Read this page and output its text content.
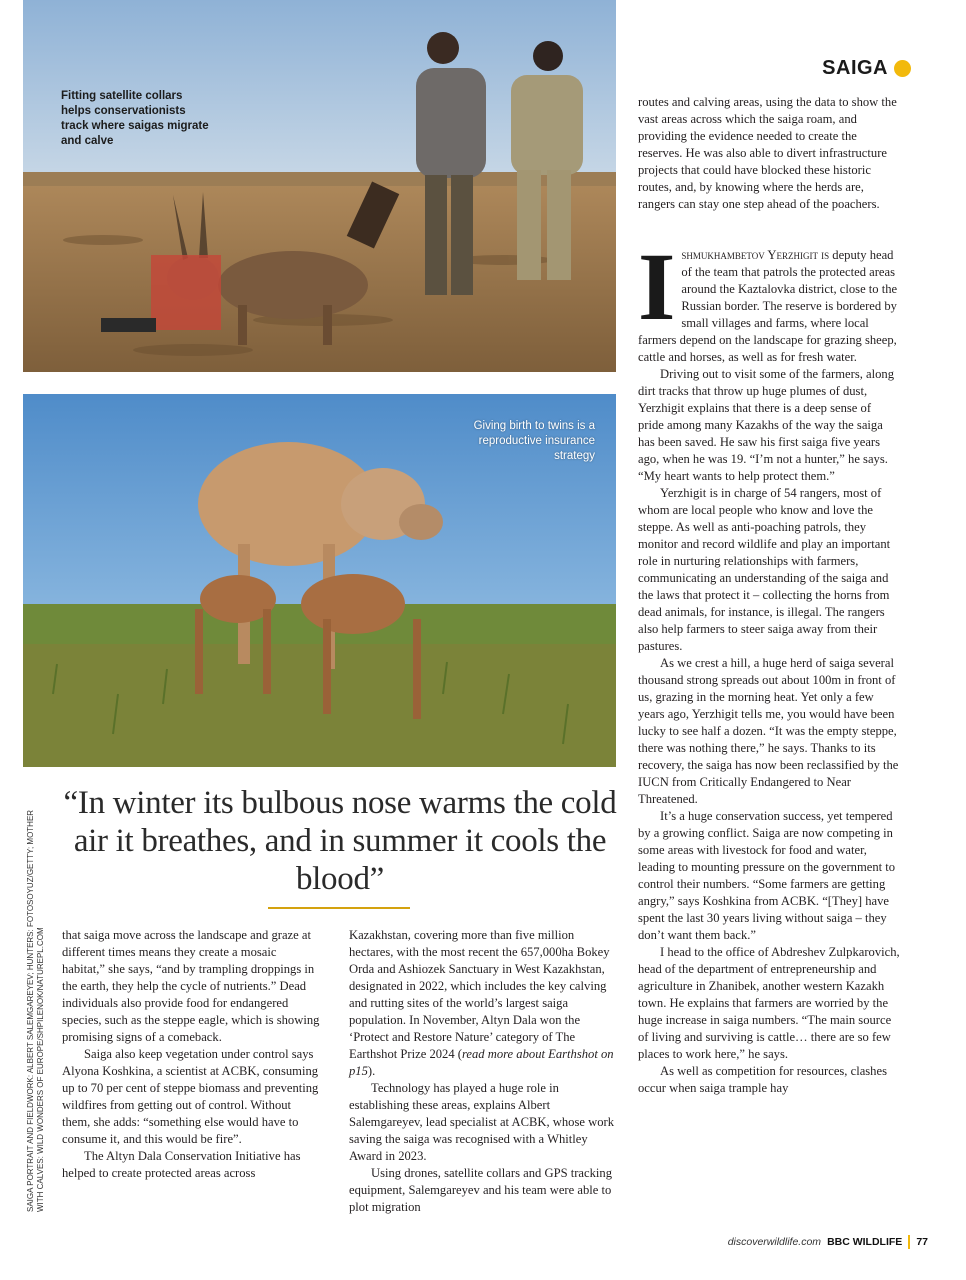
Fitting satellite collars helps conservationists track where saigas migrate and calve
SAIGA
Giving birth to twins is a reproductive insurance strategy
“In winter its bulbous nose warms the cold air it breathes, and in summer it cools the blood”
SAIGA PORTRAIT AND FIELDWORK: ALBERT SALEMGAREYEV; HUNTERS: FOTOSOYUZ/GETTY; MOTHER WITH CALVES: WILD WONDERS OF EUROPE/SHPILENOK/NATUREPL.COM that saiga move across the landscape and graze at different times means they create a mosaic habitat,” she says, “and by trampling droppings in the earth, they help the cycle of nutrients.” Dead individuals also provide food for endangered species, such as the steppe eagle, which is showing promising signs of a comeback.

Saiga also keep vegetation under control says Alyona Koshkina, a scientist at ACBK, consuming up to 70 per cent of steppe biomass and preventing wildfires from getting out of control. Without them, she adds: “something else would have to consume it, and this would be fire”.

The Altyn Dala Conservation Initiative has helped to create protected areas across

Kazakhstan, covering more than five million hectares, with the most recent the 657,000ha Bokey Orda and Ashiozek Sanctuary in West Kazakhstan, designated in 2022, which includes the key calving and rutting sites of the world’s largest saiga population. In November, Altyn Dala won the ‘Protect and Restore Nature’ category of The Earthshot Prize 2024 (read more about Earthshot on p15).

Technology has played a huge role in establishing these areas, explains Albert Salemgareyev, lead specialist at ACBK, whose work saving the saiga was recognised with a Whitley Award in 2023.

Using drones, satellite collars and GPS tracking equipment, Salemgareyev and his team were able to plot migration

routes and calving areas, using the data to show the vast areas across which the saiga roam, and providing the evidence needed to create the reserves. He was also able to divert infrastructure projects that could have blocked these historic routes, and, by knowing where the herds are, rangers can stay one step ahead of the poachers.

Ishmukhambetov Yerzhigit is deputy head of the team that patrols the protected areas around the Kaztalovka district, close to the Russian border. The reserve is bordered by small villages and farms, where local farmers depend on the landscape for grazing sheep, cattle and horses, as well as for fresh water.

Driving out to visit some of the farmers, along dirt tracks that throw up huge plumes of dust, Yerzhigit explains that there is a deep sense of pride among many Kazakhs of the way the saiga has been saved. He saw his first saiga five years ago, when he was 19. “I’m not a hunter,” he says. “My heart wants to help protect them.”

Yerzhigit is in charge of 54 rangers, most of whom are local people who know and love the steppe. As well as anti-poaching patrols, they monitor and record wildlife and play an important role in nurturing relationships with farmers, communicating an understanding of the saiga and the laws that protect it – collecting the horns from dead animals, for instance, is illegal. The rangers also help farmers to steer saiga away from their pastures.

As we crest a hill, a huge herd of saiga several thousand strong spreads out about 100m in front of us, grazing in the morning heat. Yet only a few years ago, Yerzhigit tells me, you would have been lucky to see half a dozen. “It was the empty steppe, there was nothing there,” he says. Thanks to its recovery, the saiga has now been reclassified by the IUCN from Critically Endangered to Near Threatened.

It’s a huge conservation success, yet tempered by a growing conflict. Saiga are now competing in some areas with livestock for food and water, leading to mounting pressure on the government to control their numbers. “Some farmers are getting angry,” says Koshkina from ACBK. “[They] have spent the last 30 years living without saiga – they don’t want them back.”

I head to the office of Abdreshev Zulpkarovich, head of the department of entrepreneurship and agriculture in Zhanibek, another western Kazakh town. He explains that farmers are worried by the huge increase in saiga numbers. “The main source of living and surviving is cattle… there are so few places to work here,” he says.

As well as competition for resources, clashes occur when saiga trample hay

discoverwildlife.com BBC WILDLIFE 77
